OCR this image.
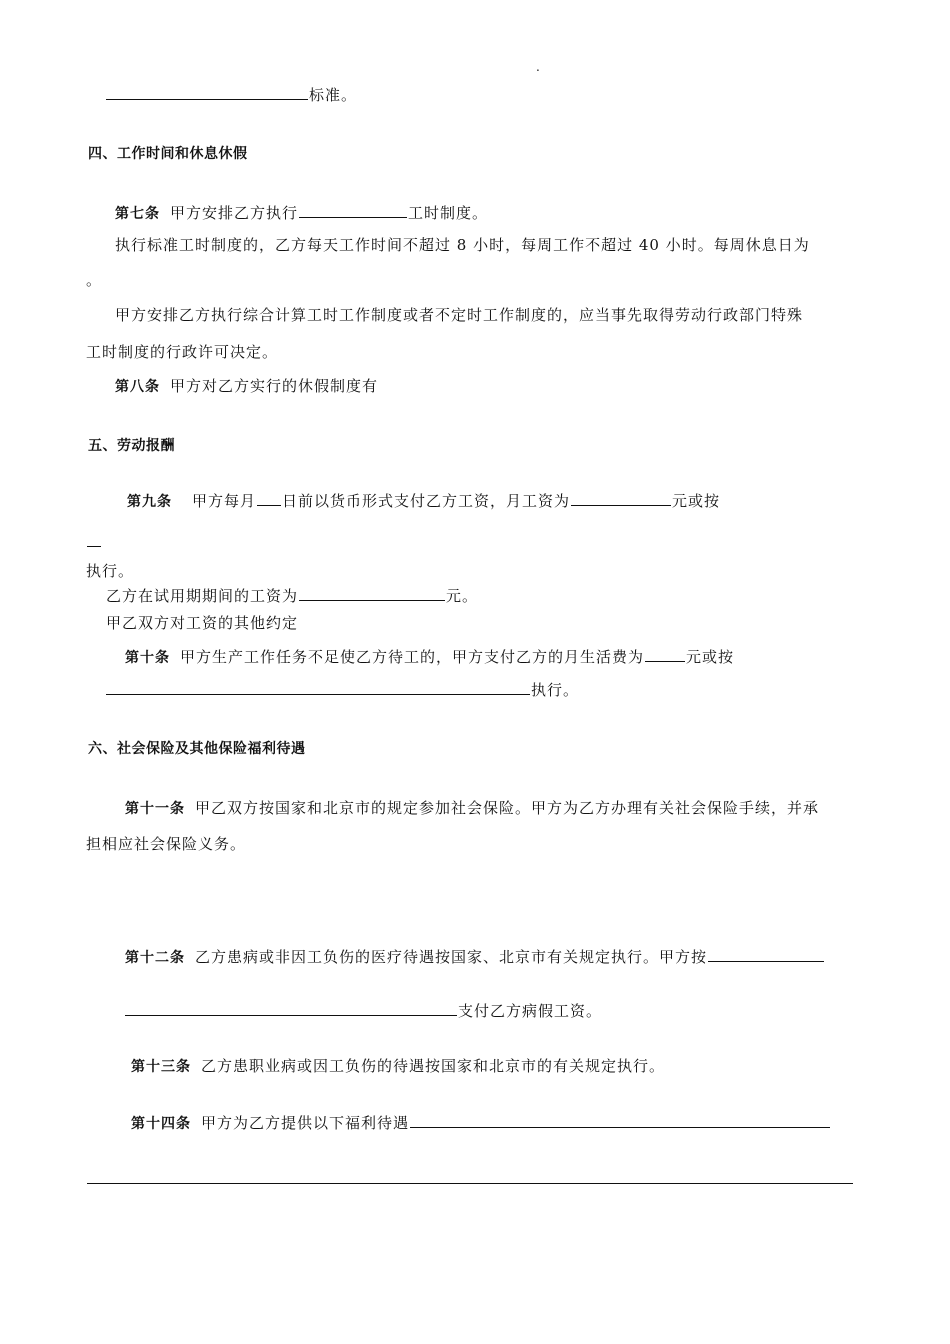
.
标准。
四、工作时间和休息休假
第七条 甲方安排乙方执行	工时制度。
执行标准工时制度的，乙方每天工作时间不超过 8 小时，每周工作不超过 40 小时。每周休息日为
。
甲方安排乙方执行综合计算工时工作制度或者不定时工作制度的，应当事先取得劳动行政部门特殊
工时制度的行政许可决定。
第八条 甲方对乙方实行的休假制度有
五、劳动报酬
第九条 甲方每月 日前以货币形式支付乙方工资，月工资为	元或按
执行。
乙方在试用期期间的工资为	元。
甲乙双方对工资的其他约定
第十条 甲方生产工作任务不足使乙方待工的，甲方支付乙方的月生活费为	元或按
执行。
六、社会保险及其他保险福利待遇
第十一条 甲乙双方按国家和北京市的规定参加社会保险。甲方为乙方办理有关社会保险手续，并承
担相应社会保险义务。
第十二条 乙方患病或非因工负伤的医疗待遇按国家、北京市有关规定执行。甲方按
支付乙方病假工资。
第十三条 乙方患职业病或因工负伤的待遇按国家和北京市的有关规定执行。
第十四条 甲方为乙方提供以下福利待遇
